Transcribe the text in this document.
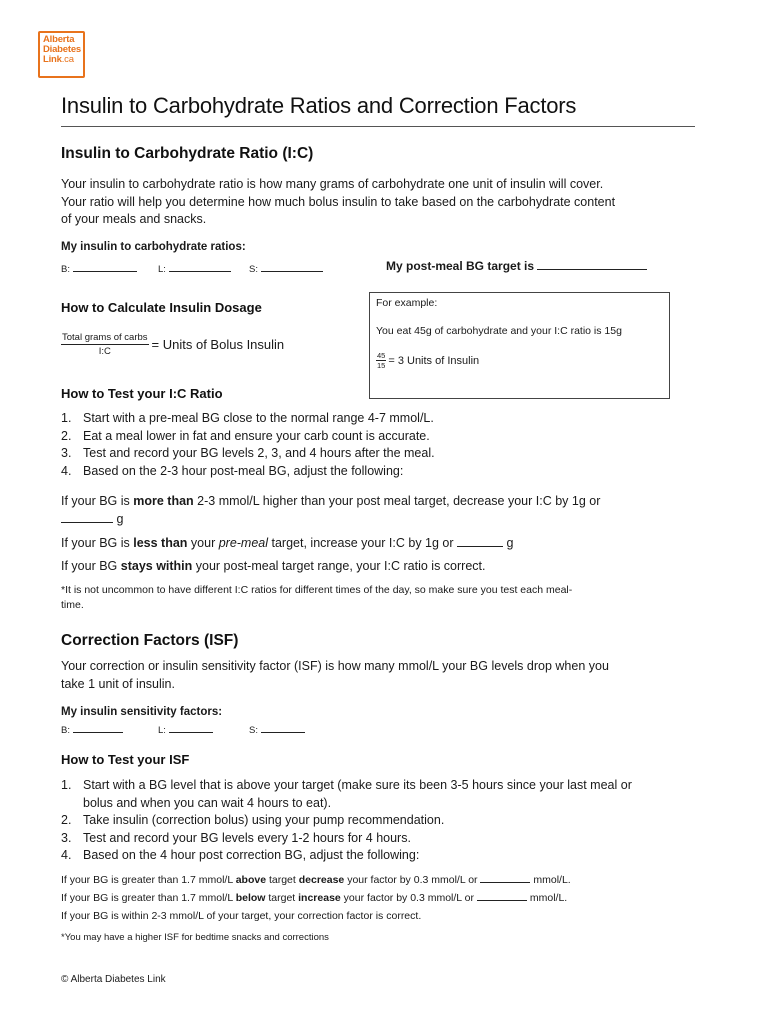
Alberta
Diabetes
Link.ca
Insulin to Carbohydrate Ratios and Correction Factors
Insulin to Carbohydrate Ratio (I:C)
Your insulin to carbohydrate ratio is how many grams of carbohydrate one unit of insulin will cover.
Your ratio will help you determine how much bolus insulin to take based on the carbohydrate content
of your meals and snacks.
My insulin to carbohydrate ratios:
B:	L:	S:	My post-meal BG target is
How to Calculate Insulin Dosage
Total grams of carbs
I:C	= Units of Bolus Insulin
For example:
You eat 45g of carbohydrate and your I:C ratio is 15g
$\frac{45}{15} = 3$ Units of Insulin
How to Test your I:C Ratio
1. Start with a pre-meal BG close to the normal range 4-7 mmol/L.
2. Eat a meal lower in fat and ensure your carb count is accurate.
3. Test and record your BG levels 2, 3, and 4 hours after the meal.
4. Based on the 2-3 hour post-meal BG, adjust the following:
If your BG is more than 2-3 mmol/L higher than your post meal target, decrease your I:C by 1g or
g
If your BG is less than your pre-meal target, increase your I:C by 1g or	g
If your BG stays within your post-meal target range, your I:C ratio is correct.
*It is not uncommon to have different I:C ratios for different times of the day, so make sure you test each meal-
time.
Correction Factors (ISF)
Your correction or insulin sensitivity factor (ISF) is how many mmol/L your BG levels drop when you
take 1 unit of insulin.
My insulin sensitivity factors:
B:	L:	S:
How to Test your ISF
1. Start with a BG level that is above your target (make sure its been 3-5 hours since your last meal or
bolus and when you can wait 4 hours to eat).
2. Take insulin (correction bolus) using your pump recommendation.
3. Test and record your BG levels every 1-2 hours for 4 hours.
4. Based on the 4 hour post correction BG, adjust the following:
If your BG is greater than 1.7 mmol/L above target decrease your factor by 0.3 mmol/L or	mmol/L.
If your BG is greater than 1.7 mmol/L below target increase your factor by 0.3 mmol/L or	mmol/L.
If your BG is within 2-3 mmol/L of your target, your correction factor is correct.
*You may have a higher ISF for bedtime snacks and corrections
© Alberta Diabetes Link
